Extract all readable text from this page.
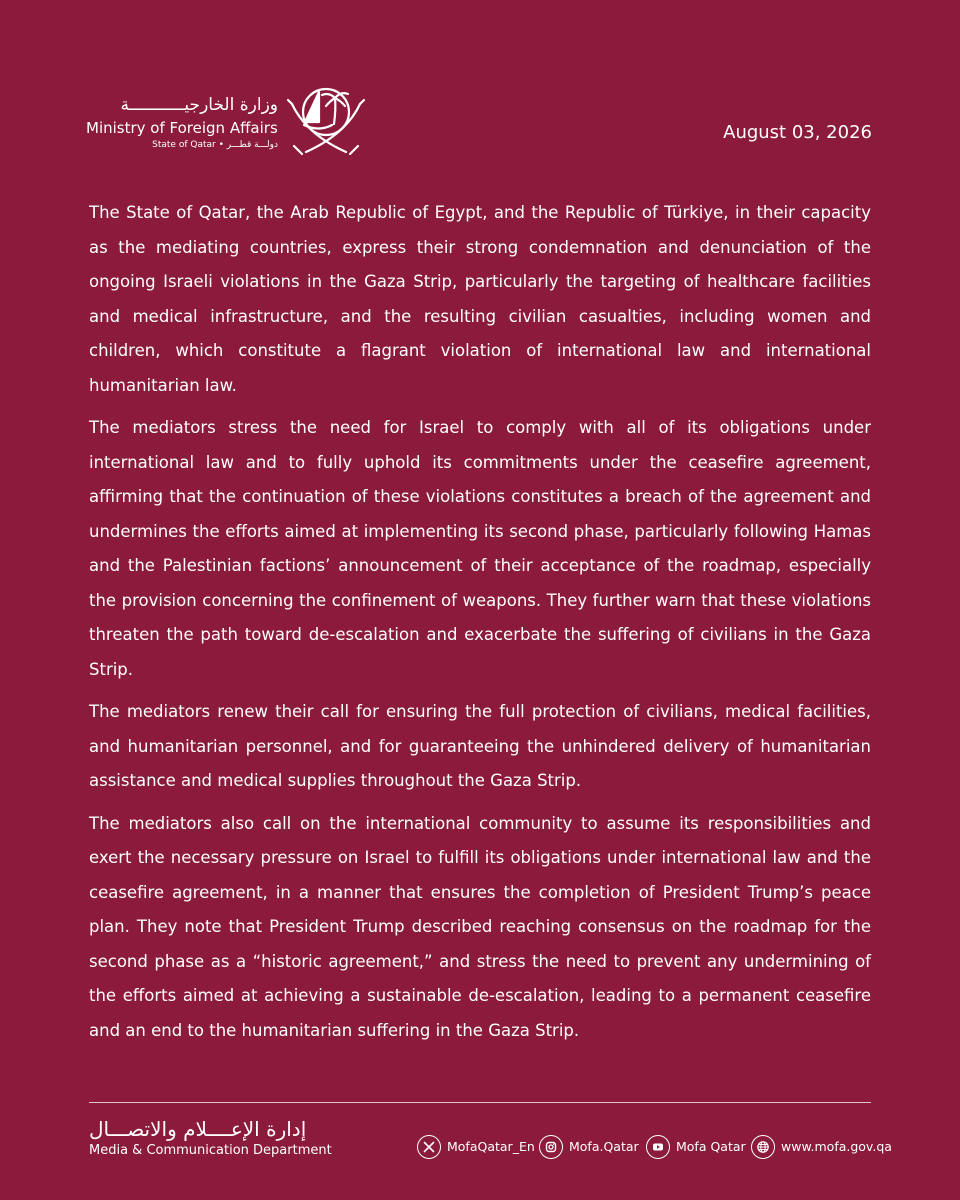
وزارة الخارجيـــــــــــة
Ministry of Foreign Affairs
State of Qatar • دولـــة قطـــر
August 03, 2026

The State of Qatar, the Arab Republic of Egypt, and the Republic of Türkiye, in their capacity as the mediating countries, express their strong condemnation and denunciation of the ongoing Israeli violations in the Gaza Strip, particularly the targeting of healthcare facilities and medical infrastructure, and the resulting civilian casualties, including women and children, which constitute a flagrant violation of international law and international humanitarian law.

The mediators stress the need for Israel to comply with all of its obligations under international law and to fully uphold its commitments under the ceasefire agreement, affirming that the continuation of these violations constitutes a breach of the agreement and undermines the efforts aimed at implementing its second phase, particularly following Hamas and the Palestinian factions’ announcement of their acceptance of the roadmap, especially the provision concerning the confinement of weapons. They further warn that these violations threaten the path toward de-escalation and exacerbate the suffering of civilians in the Gaza Strip.

The mediators renew their call for ensuring the full protection of civilians, medical facilities, and humanitarian personnel, and for guaranteeing the unhindered delivery of humanitarian assistance and medical supplies throughout the Gaza Strip.

The mediators also call on the international community to assume its responsibilities and exert the necessary pressure on Israel to fulfill its obligations under international law and the ceasefire agreement, in a manner that ensures the completion of President Trump’s peace plan. They note that President Trump described reaching consensus on the roadmap for the second phase as a “historic agreement,” and stress the need to prevent any undermining of the efforts aimed at achieving a sustainable de-escalation, leading to a permanent ceasefire and an end to the humanitarian suffering in the Gaza Strip.

إدارة الإعــــلام والاتصـــال
Media & Communication Department	MofaQatar_En	Mofa.Qatar	Mofa Qatar	www.mofa.gov.qa
